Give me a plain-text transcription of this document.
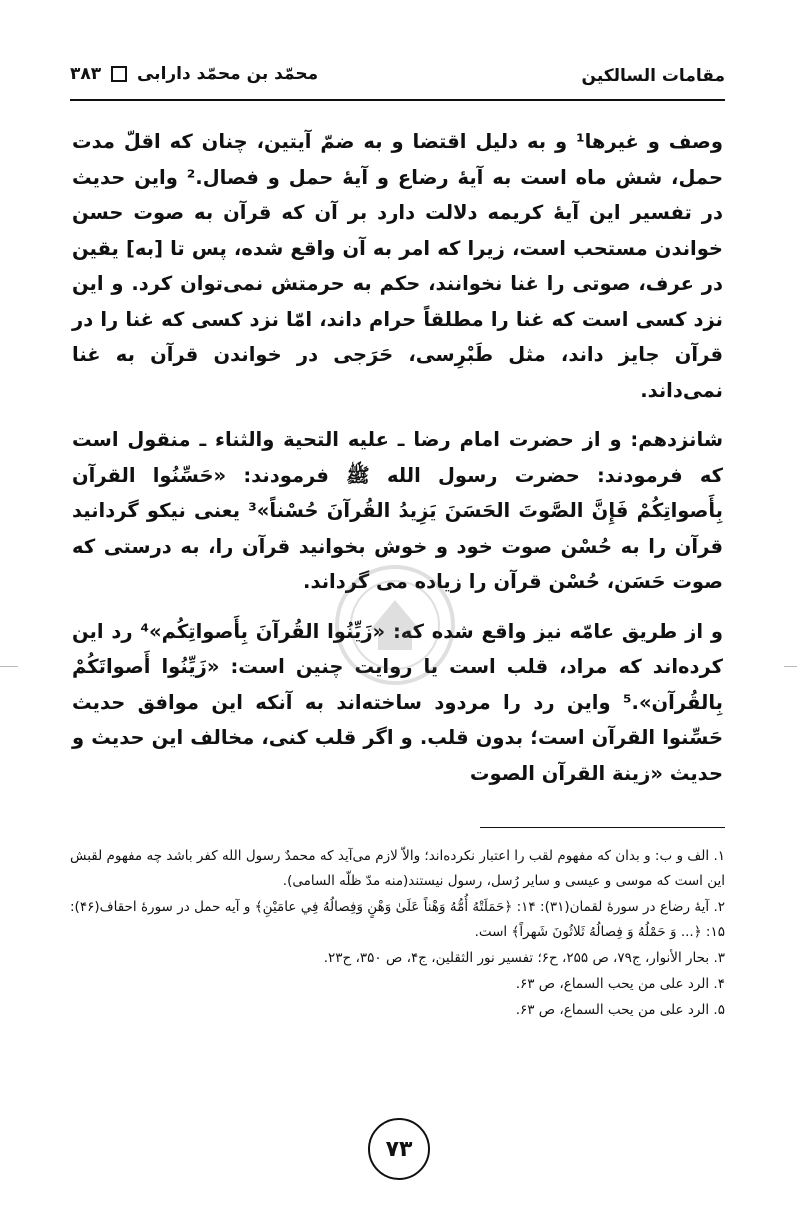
مقامات السالکین
محمّد بن محمّد دارابی  ۳۸۳

وصف و غیرها¹ و به دلیل اقتضا و به ضمّ آیتین، چنان که اقلّ مدت حمل، شش ماه است به آیهٔ رضاع و آیهٔ حمل و فصال.² واین حدیث در تفسیر این آیهٔ کریمه دلالت دارد بر آن که قرآن به صوت حسن خواندن مستحب است، زیرا که امر به آن واقع شده، پس تا [به] یقین در عرف، صوتی را غنا نخوانند، حکم به حرمتش نمی‌توان کرد. و این نزد کسی است که غنا را مطلقاً حرام داند، امّا نزد کسی که غنا را در قرآن جایز داند، مثل طَبْرِسی، حَرَجی در خواندن قرآن به غنا نمی‌داند.

شانزدهم: و از حضرت امام رضا ـ علیه التحیة والثناء ـ منقول است که فرمودند: حضرت رسول الله ﷺ فرمودند: «حَسِّنُوا القرآن بِأَصواتِکُمْ فَإِنَّ الصَّوتَ الحَسَنَ یَزِیدُ القُرآنَ حُسْناً»³ یعنی نیکو گردانید قرآن را به حُسْن صوت خود و خوش بخوانید قرآن را، به درستی که صوت حَسَن، حُسْن قرآن را زیاده می گرداند.

و از طریق عامّه نیز واقع شده که: «زَیِّنُوا القُرآنَ بِأَصواتِکُم»⁴ رد این کرده‌اند که مراد، قلب است یا روایت چنین است: «زَیِّنُوا أَصواتَکُمْ بِالقُرآن».⁵ واین رد را مردود ساخته‌اند به آنکه این موافق حدیث حَسِّنوا القرآن است؛ بدون قلب. و اگر قلب کنی، مخالف این حدیث و حدیث «زینة القرآن الصوت

۱. الف و ب: و بدان که مفهوم لقب را اعتبار نکرده‌اند؛ والاّ لازم می‌آید که محمدٌ رسول الله کفر باشد چه مفهوم لقبش این است که موسی و عیسی و سایر رُسل، رسول نیستند(منه مدّ ظلّه السامی).

۲. آیهٔ رضاع در سورهٔ لقمان(۳۱): ۱۴: ﴿حَمَلَتْهُ أُمُّهُ وَهْناً عَلَیٰ وَهْنٍ وَفِصالُهُ فِي عامَیْنِ﴾ و آیه حمل در سورهٔ احقاف(۴۶): ۱۵: ﴿... وَ حَمْلُهُ وَ فِصالُهُ ثَلاثُونَ شَهراً﴾ است.

۳. بحار الأنوار، ج۷۹، ص ۲۵۵، ح۶؛ تفسیر نور الثقلین، ج۴، ص ۳۵۰، ح۲۳.

۴. الرد علی من یحب السماع، ص ۶۳.

۵. الرد علی من یحب السماع، ص ۶۳.

۷۳
